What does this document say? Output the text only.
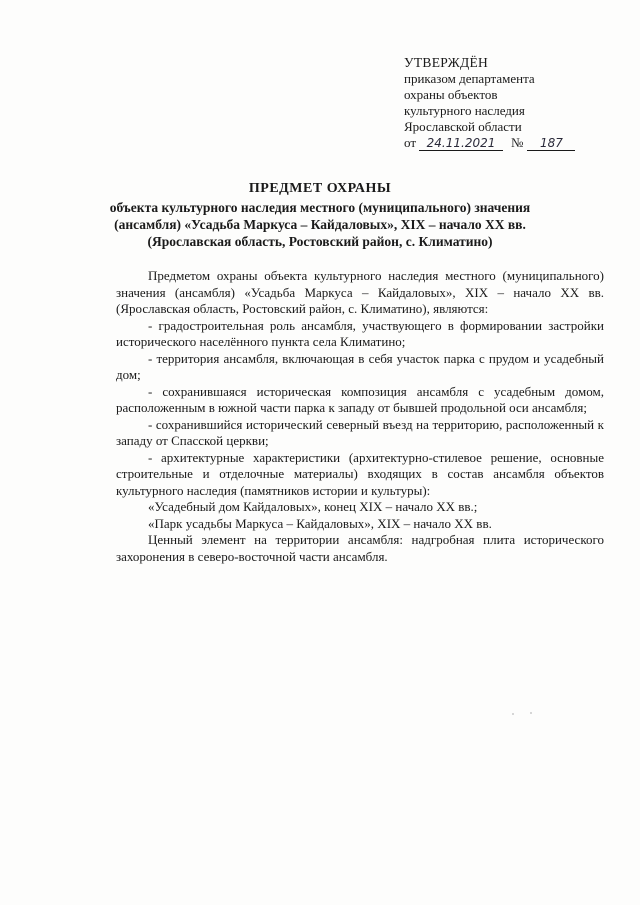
УТВЕРЖДЁН
приказом департамента
охраны объектов
культурного наследия
Ярославской области
от 24.11.2021	№	187
ПРЕДМЕТ ОХРАНЫ
объекта культурного наследия местного (муниципального) значения
(ансамбля) «Усадьба Маркуса – Кайдаловых», XIX – начало XX вв.
(Ярославская область, Ростовский район, с. Климатино)

Предметом охраны объекта культурного наследия местного (муниципального) значения (ансамбля) «Усадьба Маркуса – Кайдаловых», XIX – начало XX вв. (Ярославская область, Ростовский район, с. Климатино), являются:

- градостроительная роль ансамбля, участвующего в формировании застройки исторического населённого пункта села Климатино;

- территория ансамбля, включающая в себя участок парка с прудом и усадебный дом;

- сохранившаяся историческая композиция ансамбля с усадебным домом, расположенным в южной части парка к западу от бывшей продольной оси ансамбля;

- сохранившийся исторический северный въезд на территорию, расположенный к западу от Спасской церкви;

- архитектурные характеристики (архитектурно-стилевое решение, основные строительные и отделочные материалы) входящих в состав ансамбля объектов культурного наследия (памятников истории и культуры):

«Усадебный дом Кайдаловых», конец XIX – начало XX вв.;

«Парк усадьбы Маркуса – Кайдаловых», XIX – начало XX вв.

Ценный элемент на территории ансамбля: надгробная плита исторического захоронения в северо-восточной части ансамбля.
